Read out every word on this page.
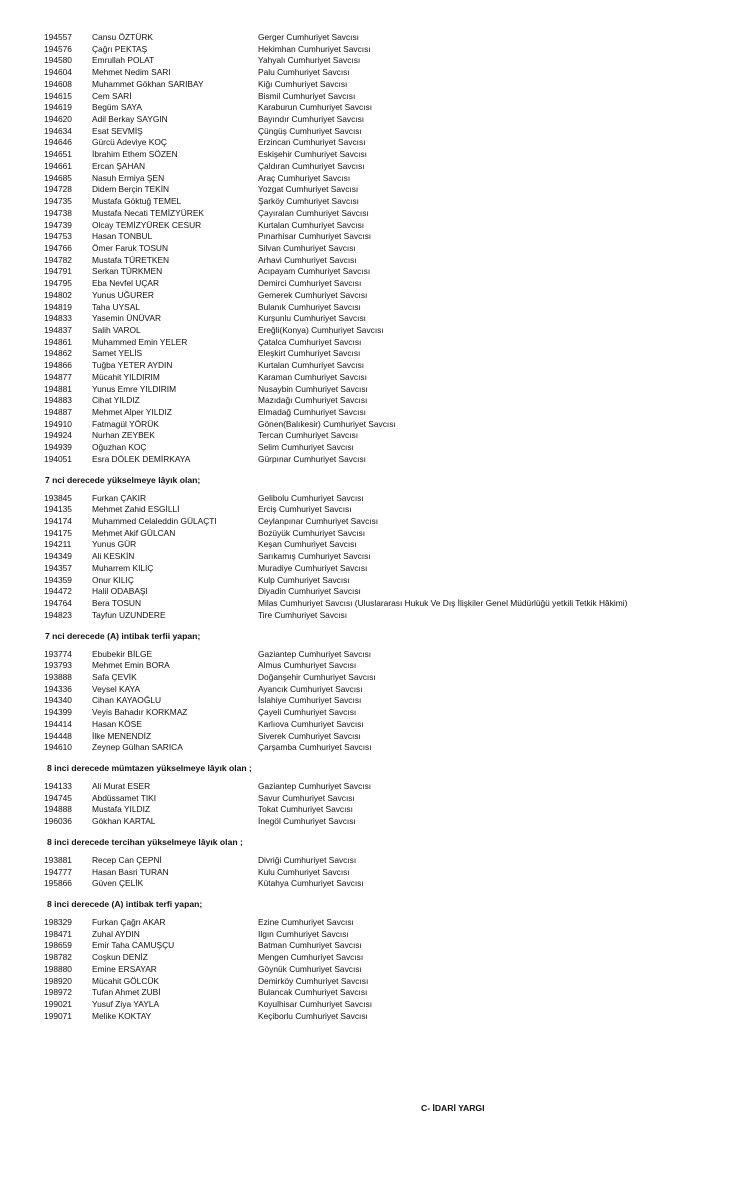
194557 Cansu ÖZTÜRK	Gerger Cumhuriyet Savcısı
194576 Çağrı PEKTAŞ	Hekimhan Cumhuriyet Savcısı
194580 Emrullah POLAT	Yahyalı Cumhuriyet Savcısı
194604 Mehmet Nedim SARI	Palu Cumhuriyet Savcısı
194608 Muhammet Gökhan SARIBAY	Kiğı Cumhuriyet Savcısı
194615 Cem SARİ	Bismil Cumhuriyet Savcısı
194619 Begüm SAYA	Karaburun Cumhuriyet Savcısı
194620 Adil Berkay SAYGIN	Bayındır Cumhuriyet Savcısı
194634 Esat SEVMİŞ	Çüngüş Cumhuriyet Savcısı
194646 Gürcü Adeviye KOÇ	Erzincan Cumhuriyet Savcısı
194651 İbrahim Ethem SÖZEN	Eskişehir Cumhuriyet Savcısı
194661 Ercan ŞAHAN	Çaldıran Cumhuriyet Savcısı
194685 Nasuh Ermiya ŞEN	Araç Cumhuriyet Savcısı
194728 Didem Berçin TEKİN	Yozgat Cumhuriyet Savcısı
194735 Mustafa Göktuğ TEMEL	Şarköy Cumhuriyet Savcısı
194738 Mustafa Necati TEMİZYÜREK	Çayıralan Cumhuriyet Savcısı
194739 Olcay TEMİZYÜREK CESUR	Kurtalan Cumhuriyet Savcısı
194753 Hasan TONBUL	Pınarhisar Cumhuriyet Savcısı
194766 Ömer Faruk TOSUN	Silvan Cumhuriyet Savcısı
194782 Mustafa TÜRETKEN	Arhavi Cumhuriyet Savcısı
194791 Serkan TÜRKMEN	Acıpayam Cumhuriyet Savcısı
194795 Eba Nevfel UÇAR	Demirci Cumhuriyet Savcısı
194802 Yunus UĞURER	Gemerek Cumhuriyet Savcısı
194819 Taha UYSAL	Bulanık Cumhuriyet Savcısı
194833 Yasemin ÜNÜVAR	Kurşunlu Cumhuriyet Savcısı
194837 Salih VAROL	Ereğli(Konya) Cumhuriyet Savcısı
194861 Muhammed Emin YELER	Çatalca Cumhuriyet Savcısı
194862 Samet YELİS	Eleşkirt Cumhuriyet Savcısı
194866 Tuğba YETER AYDIN	Kurtalan Cumhuriyet Savcısı
194877 Mücahit YILDIRIM	Karaman Cumhuriyet Savcısı
194881 Yunus Emre YILDIRIM	Nusaybin Cumhuriyet Savcısı
194883 Cihat YILDIZ	Mazıdağı Cumhuriyet Savcısı
194887 Mehmet Alper YILDIZ	Elmadağ Cumhuriyet Savcısı
194910 Fatmagül YÖRÜK	Gönen(Balıkesir) Cumhuriyet Savcısı
194924 Nurhan ZEYBEK	Tercan Cumhuriyet Savcısı
194939 Oğuzhan KOÇ	Selim Cumhuriyet Savcısı
194051 Esra DÖLEK DEMİRKAYA	Gürpınar Cumhuriyet Savcısı
7 nci derecede yükselmeye lâyık olan;
193845 Furkan ÇAKIR	Gelibolu Cumhuriyet Savcısı
194135 Mehmet Zahid ESGİLLİ	Erciş Cumhuriyet Savcısı
194174 Muhammed Celaleddin GÜLAÇTI	Ceylanpınar Cumhuriyet Savcısı
194175 Mehmet Akif GÜLCAN	Bozüyük Cumhuriyet Savcısı
194211 Yunus GÜR	Keşan Cumhuriyet Savcısı
194349 Ali KESKİN	Sarıkamış Cumhuriyet Savcısı
194357 Muharrem KILIÇ	Muradiye Cumhuriyet Savcısı
194359 Onur KILIÇ	Kulp Cumhuriyet Savcısı
194472 Halil ODABAŞI	Diyadin Cumhuriyet Savcısı
194764 Bera TOSUN	Milas Cumhuriyet Savcısı (Uluslararası Hukuk Ve Dış İlişkiler Genel Müdürlüğü yetkili Tetkik Hâkimi)
194823 Tayfun UZUNDERE	Tire Cumhuriyet Savcısı
7 nci derecede (A) intibak terfii yapan;
193774 Ebubekir BİLGE	Gaziantep Cumhuriyet Savcısı
193793 Mehmet Emin BORA	Almus Cumhuriyet Savcısı
193888 Safa ÇEVİK	Doğanşehir Cumhuriyet Savcısı
194336 Veysel KAYA	Ayancık Cumhuriyet Savcısı
194340 Cihan KAYAOĞLU	İslahiye Cumhuriyet Savcısı
194399 Veyis Bahadır KORKMAZ	Çayeli Cumhuriyet Savcısı
194414 Hasan KÖSE	Karlıova Cumhuriyet Savcısı
194448 İlke MENENDİZ	Siverek Cumhuriyet Savcısı
194610 Zeynep Gülhan SARICA	Çarşamba Cumhuriyet Savcısı
8 inci derecede mümtazen yükselmeye lâyık olan ;
194133 Ali Murat ESER	Gaziantep Cumhuriyet Savcısı
194745 Abdüssamet TIKI	Savur Cumhuriyet Savcısı
194888 Mustafa YILDIZ	Tokat Cumhuriyet Savcısı
196036 Gökhan KARTAL	İnegöl Cumhuriyet Savcısı
8 inci derecede tercihan yükselmeye lâyık olan ;
193881 Recep Can ÇEPNİ	Divriği Cumhuriyet Savcısı
194777 Hasan Basri TURAN	Kulu Cumhuriyet Savcısı
195866 Güven ÇELİK	Kütahya Cumhuriyet Savcısı
8 inci derecede (A) intibak terfi yapan;
198329 Furkan Çağrı AKAR	Ezine Cumhuriyet Savcısı
198471 Zuhal AYDIN	Ilgın Cumhuriyet Savcısı
198659 Emir Taha CAMUŞÇU	Batman Cumhuriyet Savcısı
198782 Coşkun DENİZ	Mengen Cumhuriyet Savcısı
198880 Emine ERSAYAR	Göynük Cumhuriyet Savcısı
198920 Mücahit GÖLCÜK	Demirköy Cumhuriyet Savcısı
198972 Tufan Ahmet ZUBİ	Bulancak Cumhuriyet Savcısı
199021 Yusuf Ziya YAYLA	Koyulhisar Cumhuriyet Savcısı
199071 Melike KOKTAY	Keçiborlu Cumhuriyet Savcısı
C- İDARİ YARGI
